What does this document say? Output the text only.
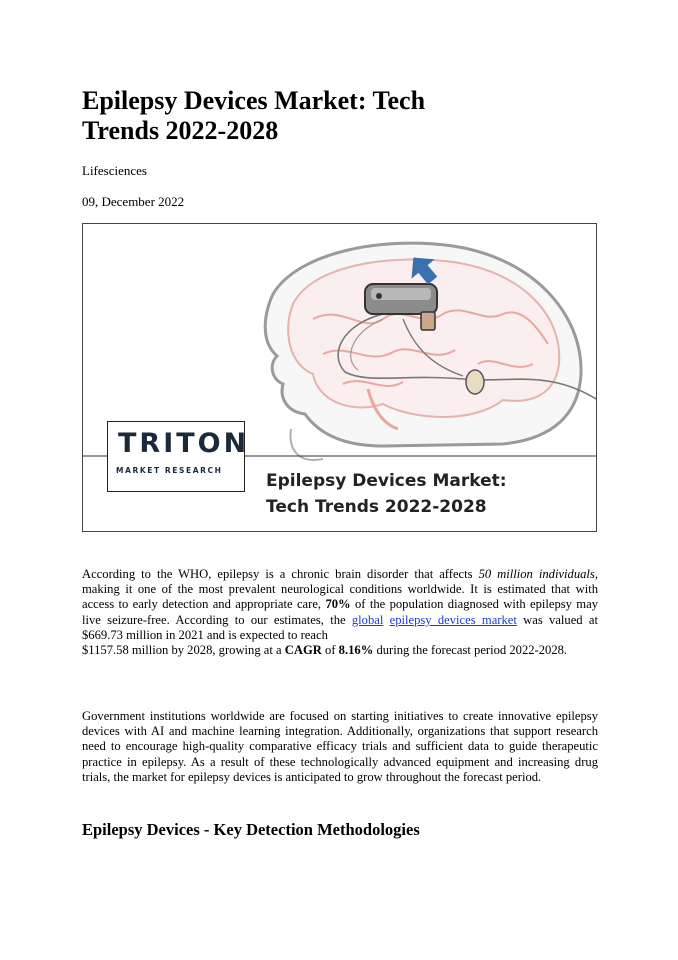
Epilepsy Devices Market: Tech Trends 2022-2028
Lifesciences
09, December 2022
TRITON
MARKET RESEARCH
Epilepsy Devices Market:
Tech Trends 2022-2028

According to the WHO, epilepsy is a chronic brain disorder that affects 50 million individuals, making it one of the most prevalent neurological conditions worldwide. It is estimated that with access to early detection and appropriate care, 70% of the population diagnosed with epilepsy may live seizure-free. According to our estimates, the global epilepsy devices market was valued at $669.73 million in 2021 and is expected to reach
$1157.58 million by 2028, growing at a CAGR of 8.16% during the forecast period 2022-2028.

Government institutions worldwide are focused on starting initiatives to create innovative epilepsy devices with AI and machine learning integration. Additionally, organizations that support research need to encourage high-quality comparative efficacy trials and sufficient data to guide therapeutic practice in epilepsy. As a result of these technologically advanced equipment and increasing drug trials, the market for epilepsy devices is anticipated to grow throughout the forecast period.

Epilepsy Devices - Key Detection Methodologies
